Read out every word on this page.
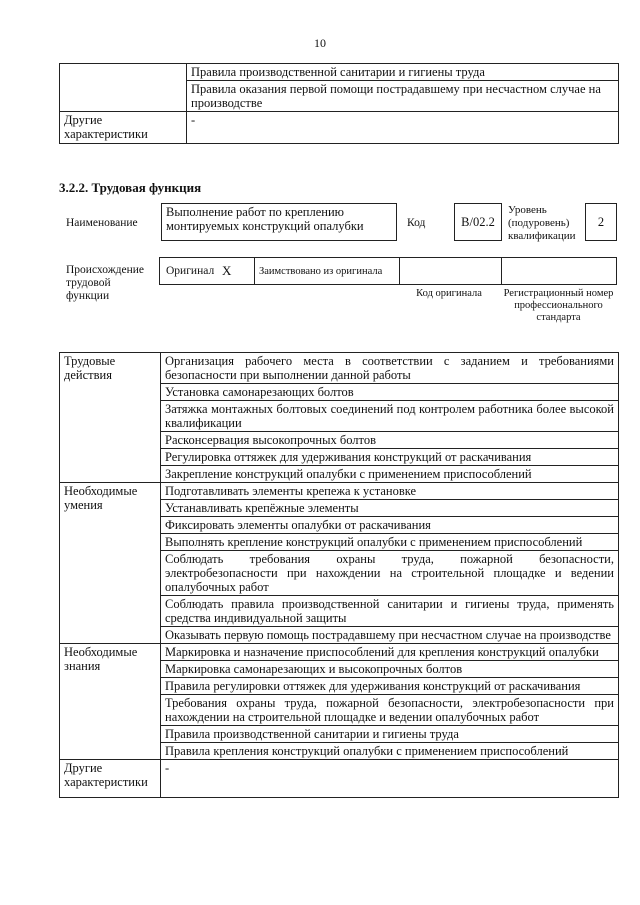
10

	Правила производственной санитарии и гигиены труда
Правила оказания первой помощи пострадавшему при несчастном случае на производстве

Другие характеристики	-
3.2.2. Трудовая функция
Наименование
Выполнение работ по креплению монтируемых конструкций опалубки	Код	B/02.2
Уровень (подуровень) квалификации
2
Происхождение трудовой функции
Оригинал X	Заимствовано из оригинала
Код оригинала	Регистрационный номер профессионального стандарта
Трудовые действия	Организация рабочего места в соответствии с заданием и требованиями безопасности при выполнении данной работы
	Установка самонарезающих болтов
	Затяжка монтажных болтовых соединений под контролем работника более высокой квалификации
	Расконсервация высокопрочных болтов
	Регулировка оттяжек для удерживания конструкций от раскачивания
	Закрепление конструкций опалубки с применением приспособлений
Необходимые умения	Подготавливать элементы крепежа к установке
	Устанавливать крепёжные элементы
	Фиксировать элементы опалубки от раскачивания
	Выполнять крепление конструкций опалубки с применением приспособлений
	Соблюдать требования охраны труда, пожарной безопасности, электробезопасности при нахождении на строительной площадке и ведении опалубочных работ
	Соблюдать правила производственной санитарии и гигиены труда, применять средства индивидуальной защиты
	Оказывать первую помощь пострадавшему при несчастном случае на производстве
Необходимые знания	Маркировка и назначение приспособлений для крепления конструкций опалубки
	Маркировка самонарезающих и высокопрочных болтов
	Правила регулировки оттяжек для удерживания конструкций от раскачивания
	Требования охраны труда, пожарной безопасности, электробезопасности при нахождении на строительной площадке и ведении опалубочных работ
	Правила производственной санитарии и гигиены труда
	Правила крепления конструкций опалубки с применением приспособлений
Другие характеристики	-
